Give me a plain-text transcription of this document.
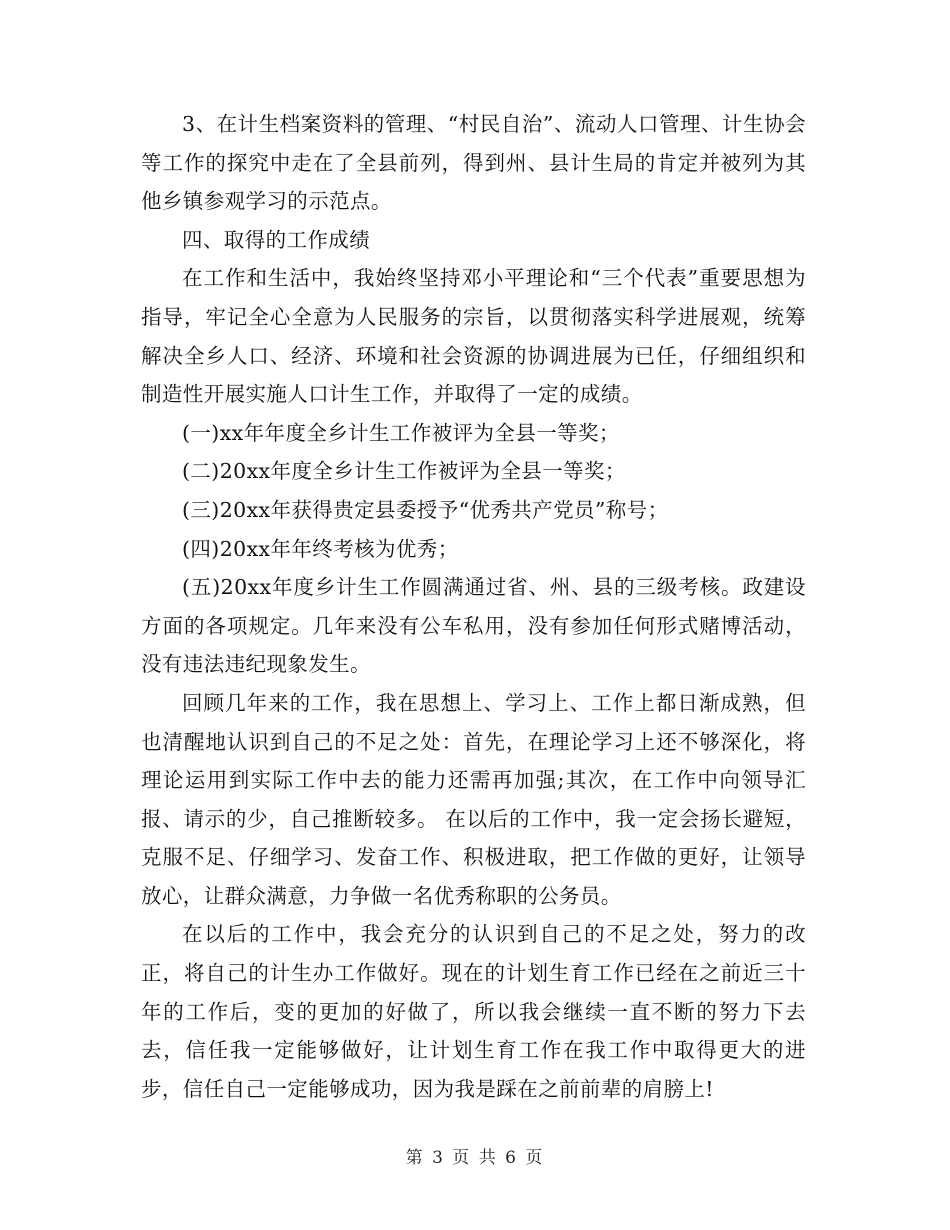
3、在计生档案资料的管理、“村民自治”、流动人口管理、计生协会等工作的探究中走在了全县前列，得到州、县计生局的肯定并被列为其他乡镇参观学习的示范点。

四、取得的工作成绩

在工作和生活中，我始终坚持邓小平理论和“三个代表”重要思想为指导，牢记全心全意为人民服务的宗旨，以贯彻落实科学进展观，统筹解决全乡人口、经济、环境和社会资源的协调进展为已任，仔细组织和制造性开展实施人口计生工作，并取得了一定的成绩。

(一)xx年年度全乡计生工作被评为全县一等奖；

(二)20xx年度全乡计生工作被评为全县一等奖；

(三)20xx年获得贵定县委授予“优秀共产党员”称号；

(四)20xx年年终考核为优秀；

(五)20xx年度乡计生工作圆满通过省、州、县的三级考核。政建设方面的各项规定。几年来没有公车私用，没有参加任何形式赌博活动，没有违法违纪现象发生。

回顾几年来的工作，我在思想上、学习上、工作上都日渐成熟，但也清醒地认识到自己的不足之处：首先，在理论学习上还不够深化，将理论运用到实际工作中去的能力还需再加强;其次，在工作中向领导汇报、请示的少，自己推断较多。 在以后的工作中，我一定会扬长避短，克服不足、仔细学习、发奋工作、积极进取，把工作做的更好，让领导放心，让群众满意，力争做一名优秀称职的公务员。

在以后的工作中，我会充分的认识到自己的不足之处，努力的改正，将自己的计生办工作做好。现在的计划生育工作已经在之前近三十年的工作后，变的更加的好做了，所以我会继续一直不断的努力下去去，信任我一定能够做好，让计划生育工作在我工作中取得更大的进步，信任自己一定能够成功，因为我是踩在之前前辈的肩膀上!

第 3 页 共 6 页
